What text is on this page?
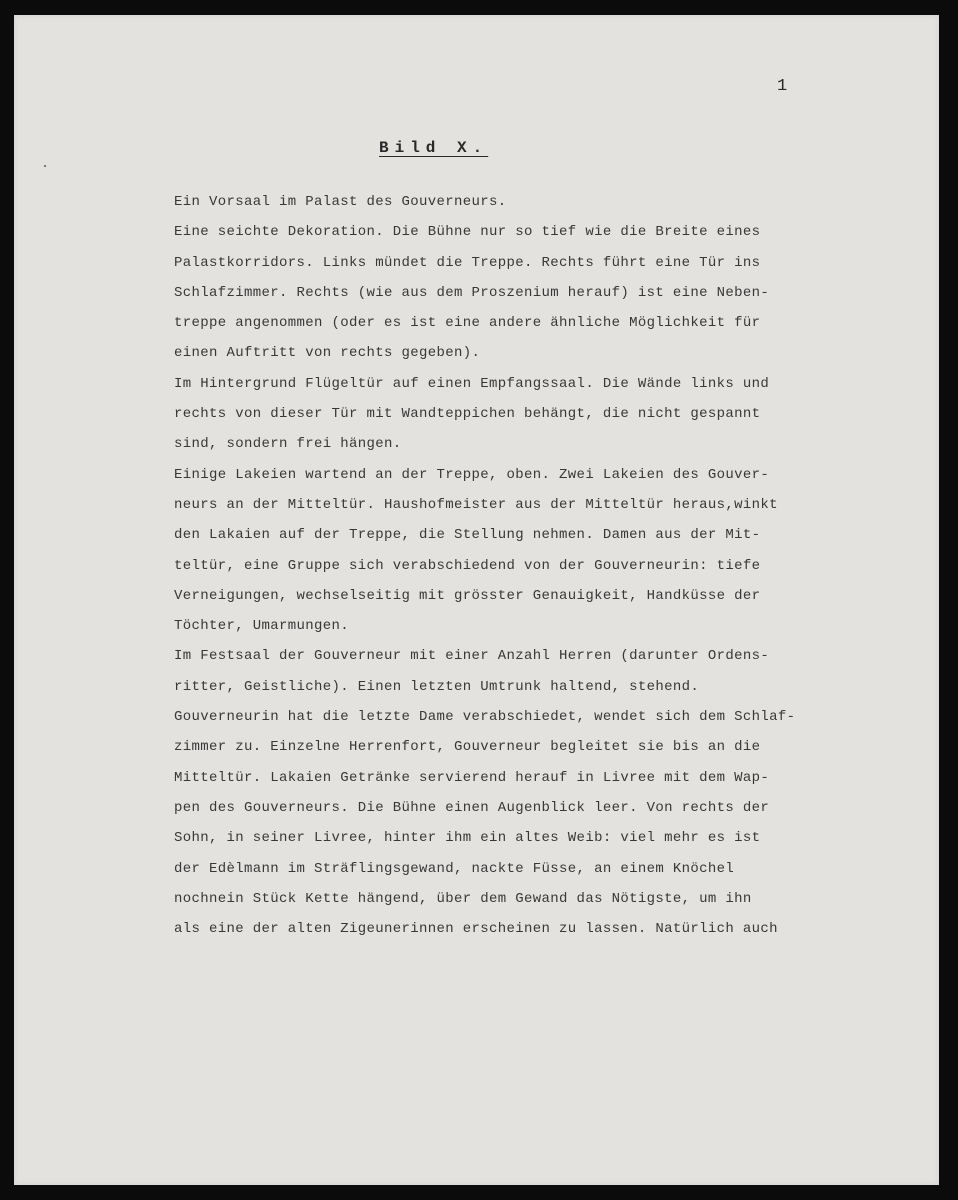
1
Bild X.
Ein Vorsaal im Palast des Gouverneurs.
Eine seichte Dekoration. Die Bühne nur so tief wie die Breite eines
Palastkorridors. Links mündet die Treppe. Rechts führt eine Tür ins
Schlafzimmer. Rechts (wie aus dem Proszenium herauf) ist eine Neben-
treppe angenommen (oder es ist eine andere ähnliche Möglichkeit für
einen Auftritt von rechts gegeben).
Im Hintergrund Flügeltür auf einen Empfangssaal. Die Wände links und
rechts von dieser Tür mit Wandteppichen behängt, die nicht gespannt
sind, sondern frei hängen.
Einige Lakeien wartend an der Treppe, oben. Zwei Lakeien des Gouver-
neurs an der Mitteltür. Haushofmeister aus der Mitteltür heraus,winkt
den Lakaien auf der Treppe, die Stellung nehmen. Damen aus der Mit-
teltür, eine Gruppe sich verabschiedend von der Gouverneurin: tiefe
Verneigungen, wechselseitig mit grösster Genauigkeit, Handküsse der
Töchter, Umarmungen.
Im Festsaal der Gouverneur mit einer Anzahl Herren (darunter Ordens-
ritter, Geistliche). Einen letzten Umtrunk haltend, stehend.
Gouverneurin hat die letzte Dame verabschiedet, wendet sich dem Schlaf-
zimmer zu. Einzelne Herrenfort, Gouverneur begleitet sie bis an die
Mitteltür. Lakaien Getränke servierend herauf in Livree mit dem Wap-
pen des Gouverneurs. Die Bühne einen Augenblick leer. Von rechts der
Sohn, in seiner Livree, hinter ihm ein altes Weib: viel mehr es ist
der Edèlmann im Sträflingsgewand, nackte Füsse, an einem Knöchel
nochnein Stück Kette hängend, über dem Gewand das Nötigste, um ihn
als eine der alten Zigeunerinnen erscheinen zu lassen. Natürlich auch
